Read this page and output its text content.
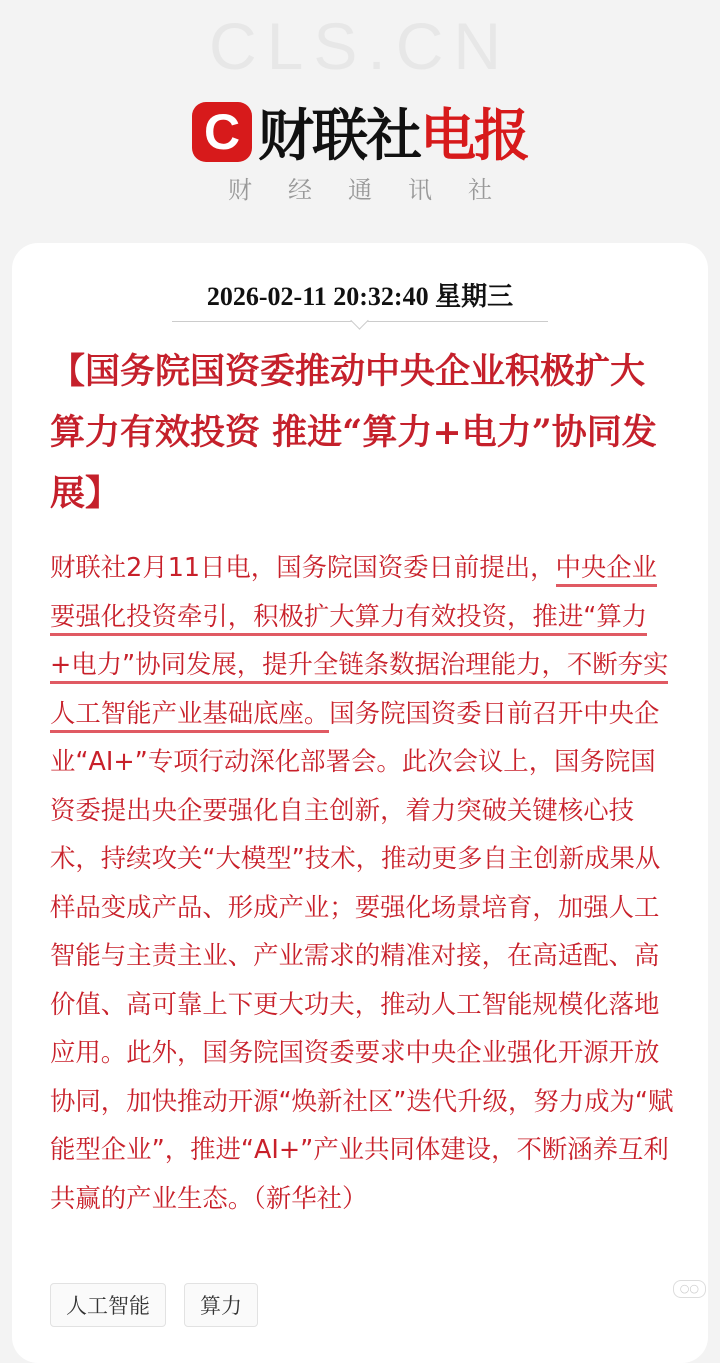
CLS.CN
C 财联社 电报
财经通讯社
2026-02-11 20:32:40 星期三
【国务院国资委推动中央企业积极扩大算力有效投资 推进“算力+电力”协同发展】
财联社2月11日电，国务院国资委日前提出，中央企业要强化投资牵引，积极扩大算力有效投资，推进“算力+电力”协同发展，提升全链条数据治理能力，不断夯实人工智能产业基础底座。国务院国资委日前召开中央企业“AI+”专项行动深化部署会。此次会议上，国务院国资委提出央企要强化自主创新，着力突破关键核心技术，持续攻关“大模型”技术，推动更多自主创新成果从样品变成产品、形成产业；要强化场景培育，加强人工智能与主责主业、产业需求的精准对接，在高适配、高价值、高可靠上下更大功夫，推动人工智能规模化落地应用。此外，国务院国资委要求中央企业强化开源开放协同，加快推动开源“焕新社区”迭代升级，努力成为“赋能型企业”，推进“AI+”产业共同体建设，不断涵养互利共赢的产业生态。（新华社）
人工智能	算力
○○
